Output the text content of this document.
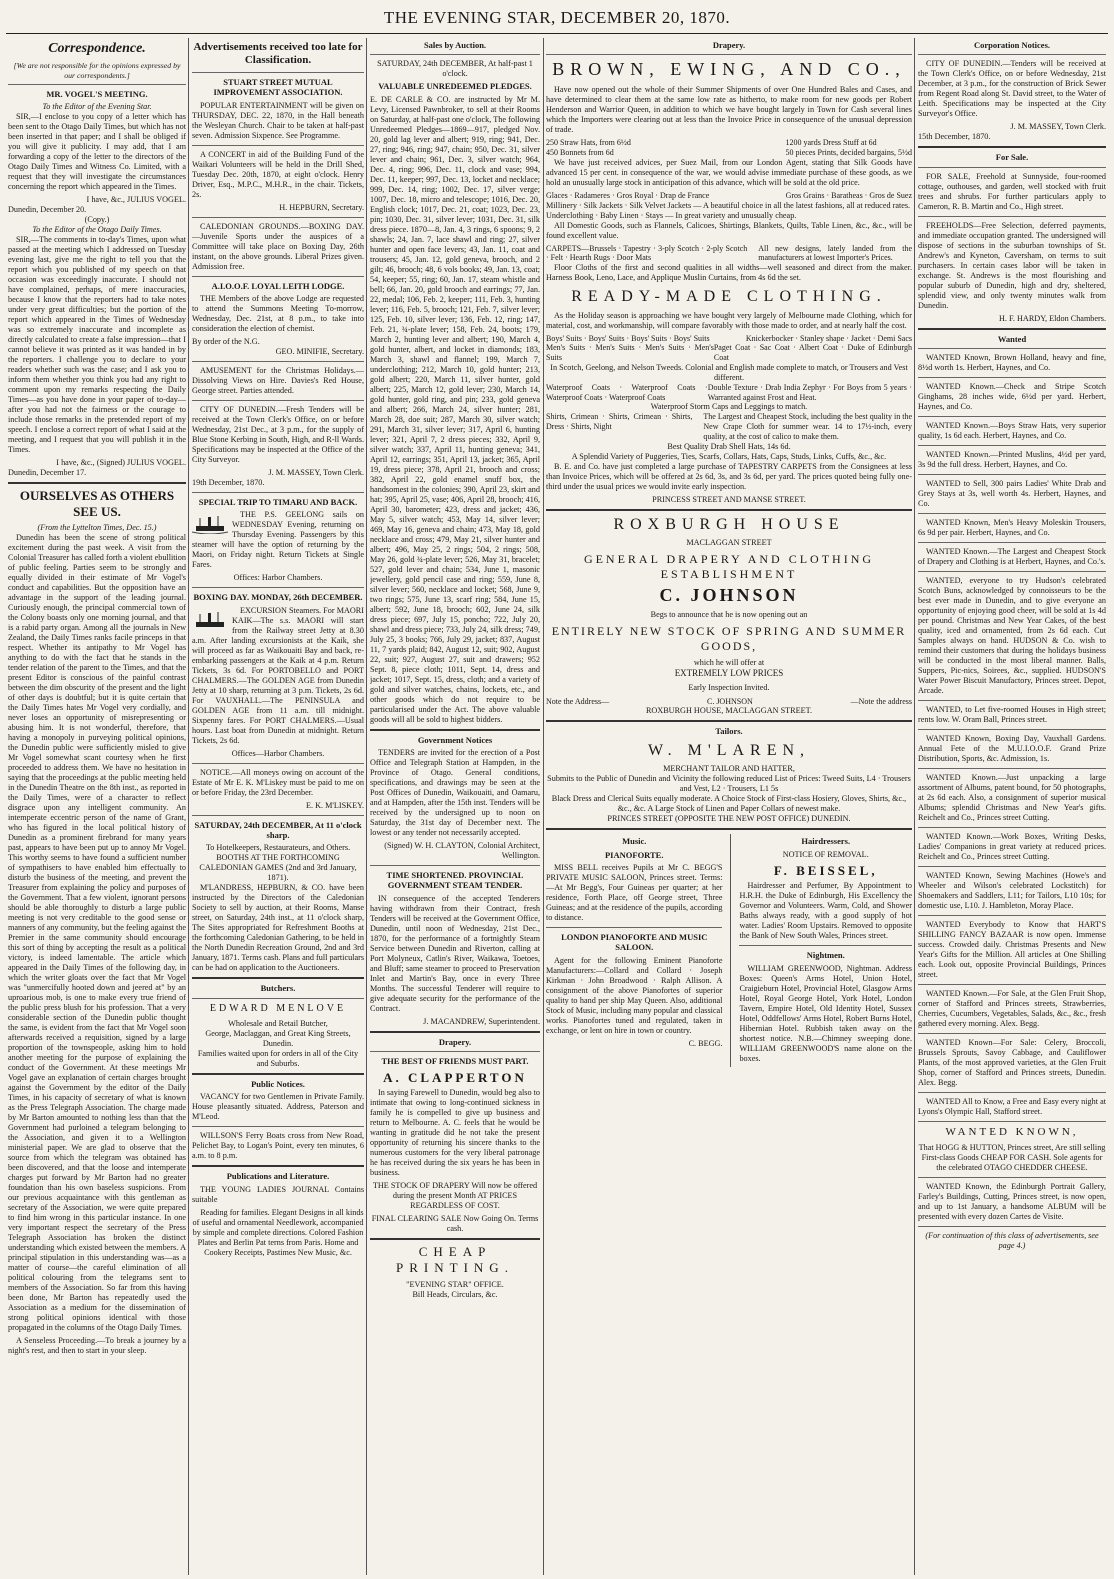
THE EVENING STAR, DECEMBER 20, 1870.
Correspondence.
[We are not responsible for the opinions expressed by our correspondents.]
MR. VOGEL'S MEETING.
To the Editor of the Evening Star.

SIR,—I enclose to you copy of a letter which has been sent to the Otago Daily Times, but which has not been inserted in that paper; and I shall be obliged if you will give it publicity. I may add, that I am forwarding a copy of the letter to the directors of the Otago Daily Times and Witness Co. Limited, with a request that they will investigate the circumstances concerning the report which appeared in the Times.

I have, &c., JULIUS VOGEL.
Dunedin, December 20.
(Copy.)
To the Editor of the Otago Daily Times.

SIR,—The comments in to-day's Times, upon what passed at the meeting which I addressed on Tuesday evening last, give me the right to tell you that the report which you published of my speech on that occasion was exceedingly inaccurate. I should not have complained, perhaps, of mere inaccuracies, because I know that the reporters had to take notes under very great difficulties; but the portion of the report which appeared in the Times of Wednesday was so extremely inaccurate and incomplete as directly calculated to create a false impression—that I cannot believe it was printed as it was handed in by the reporters. I challenge you to declare to your readers whether such was the case; and I ask you to inform them whether you think you had any right to comment upon my remarks respecting the Daily Times—as you have done in your paper of to-day—after you had not the fairness or the courage to include those remarks in the pretended report of my speech. I enclose a correct report of what I said at the meeting, and I request that you will publish it in the Times.

I have, &c., (Signed) JULIUS VOGEL.
Dunedin, December 17.
OURSELVES AS OTHERS SEE US.
(From the Lyttelton Times, Dec. 15.)

Dunedin has been the scene of strong political excitement during the past week. A visit from the Colonial Treasurer has called forth a violent ebullition of public feeling. Parties seem to be strongly and equally divided in their estimate of Mr Vogel's conduct and capabilities. But the opposition have an advantage in the support of the leading journal. Curiously enough, the principal commercial town of the Colony boasts only one morning journal, and that is a rabid party organ. Among all the journals in New Zealand, the Daily Times ranks facile princeps in that respect. Whether its antipathy to Mr Vogel has anything to do with the fact that he stands in the tender relation of the parent to the Times, and that the present Editor is conscious of the painful contrast between the dim obscurity of the present and the light of other days is doubtful; but it is quite certain that the Daily Times hates Mr Vogel very cordially, and never loses an opportunity of misrepresenting or abusing him. It is not wonderful, therefore, that having a monopoly in purveying political opinions, the Dunedin public were sufficiently misled to give Mr Vogel somewhat scant courtesy when he first proceeded to address them. We have no hesitation in saying that the proceedings at the public meeting held in the Dunedin Theatre on the 8th inst., as reported in the Daily Times, were of a character to reflect disgrace upon any intelligent community. An intemperate eccentric person of the name of Grant, who has figured in the local political history of Dunedin as a prominent firebrand for many years past, appears to have been put up to annoy Mr Vogel. This worthy seems to have found a sufficient number of sympathisers to have enabled him effectually to disturb the business of the meeting, and prevent the Treasurer from explaining the policy and purposes of the Government. That a few violent, ignorant persons should be able thoroughly to disturb a large public meeting is not very creditable to the good sense or manners of any community, but the feeling against the Premier in the same community should encourage this sort of thing by accepting the result as a political victory, is indeed lamentable. The article which appeared in the Daily Times of the following day, in which the writer gloats over the fact that Mr Vogel was "unmercifully hooted down and jeered at" by an uproarious mob, is one to make every true friend of the public press blush for his profession. That a very considerable section of the Dunedin public thought the same, is evident from the fact that Mr Vogel soon afterwards received a requisition, signed by a large proportion of the townspeople, asking him to hold another meeting for the purpose of explaining the conduct of the Government. At these meetings Mr Vogel gave an explanation of certain charges brought against the Government by the editor of the Daily Times, in his capacity of secretary of what is known as the Press Telegraph Association. The charge made by Mr Barton amounted to nothing less than that the Government had purloined a telegram belonging to the Association, and given it to a Wellington ministerial paper. We are glad to observe that the source from which the telegram was obtained has been discovered, and that the loose and intemperate charges put forward by Mr Barton had no greater foundation than his own baseless suspicions. From our previous acquaintance with this gentleman as secretary of the Association, we were quite prepared to find him wrong in this particular instance. In one very important respect the secretary of the Press Telegraph Association has broken the distinct understanding which existed between the members. A principal stipulation in this understanding was—as a matter of course—the careful elimination of all political colouring from the telegrams sent to members of the Association. So far from this having been done, Mr Barton has repeatedly used the Association as a medium for the dissemination of strong political opinions identical with those propagated in the columns of the Otago Daily Times.

A Senseless Proceeding.—To break a journey by a night's rest, and then to start in your sleep.

Advertisements received too late for Classification.
STUART STREET MUTUAL IMPROVEMENT ASSOCIATION.

POPULAR ENTERTAINMENT will be given on THURSDAY, DEC. 22, 1870, in the Hall beneath the Wesleyan Church. Chair to be taken at half-past seven. Admission Sixpence. See Programme.

A CONCERT in aid of the Building Fund of the Waikari Volunteers will be held in the Drill Shed, Tuesday Dec. 20th, 1870, at eight o'clock. Henry Driver, Esq., M.P.C., M.H.R., in the chair. Tickets, 2s.

H. HEPBURN, Secretary.

CALEDONIAN GROUNDS.—BOXING DAY.—Juvenile Sports under the auspices of a Committee will take place on Boxing Day, 26th instant, on the above grounds. Liberal Prizes given. Admission free.

A.I.O.O.F. LOYAL LEITH LODGE.

THE Members of the above Lodge are requested to attend the Summons Meeting To-morrow, Wednesday, Dec. 21st, at 8 p.m., to take into consideration the election of chemist.

By order of the N.G.
GEO. MINIFIE, Secretary.

AMUSEMENT for the Christmas Holidays.—Dissolving Views on Hire. Davies's Red House, George street. Parties attended.

CITY OF DUNEDIN.—Fresh Tenders will be received at the Town Clerk's Office, on or before Wednesday, 21st Dec., at 3 p.m., for the supply of Blue Stone Kerbing in South, High, and R-ll Wards. Specifications may be inspected at the Office of the City Surveyor.

J. M. MASSEY, Town Clerk.
19th December, 1870.
SPECIAL TRIP TO TIMARU AND BACK.

THE P.S. GEELONG sails on WEDNESDAY Evening, returning on Thursday Evening. Passengers by this steamer will have the option of returning by the Maori, on Friday night. Return Tickets at Single Fares.

Offices: Harbor Chambers.
BOXING DAY. MONDAY, 26th DECEMBER.

EXCURSION Steamers. For MAORI KAIK—The s.s. MAORI will start from the Railway street Jetty at 8.30 a.m. After landing excursionists at the Kaik, she will proceed as far as Waikouaiti Bay and back, re-embarking passengers at the Kaik at 4 p.m. Return Tickets, 3s 6d. For PORTOBELLO and PORT CHALMERS.—The GOLDEN AGE from Dunedin Jetty at 10 sharp, returning at 3 p.m. Tickets, 2s 6d. For VAUXHALL.—The PENINSULA and GOLDEN AGE from 11 a.m. till midnight. Sixpenny fares. For PORT CHALMERS.—Usual hours. Last boat from Dunedin at midnight. Return Tickets, 2s 6d.

Offices—Harbor Chambers.

NOTICE.—All moneys owing on account of the Estate of Mr E. K. M'Liskey must be paid to me on or before Friday, the 23rd December.

E. K. M'LISKEY.
SATURDAY, 24th DECEMBER, At 11 o'clock sharp.
To Hotelkeepers, Restaurateurs, and Others. BOOTHS AT THE FORTHCOMING CALEDONIAN GAMES (2nd and 3rd January, 1871).

M'LANDRESS, HEPBURN, & CO. have been instructed by the Directors of the Caledonian Society to sell by auction, at their Rooms, Manse street, on Saturday, 24th inst., at 11 o'clock sharp, The Sites appropriated for Refreshment Booths at the forthcoming Caledonian Gathering, to be held in the North Dunedin Recreation Ground, 2nd and 3rd January, 1871. Terms cash. Plans and full particulars can be had on application to the Auctioneers.

Butchers.
EDWARD MENLOVE
Wholesale and Retail Butcher,
George, Maclaggan, and Great King Streets, Dunedin.
Families waited upon for orders in all of the City and Suburbs.
Public Notices.

VACANCY for two Gentlemen in Private Family. House pleasantly situated. Address, Paterson and M'Leod.

WILLSON'S Ferry Boats cross from New Road, Pelichet Bay, to Logan's Point, every ten minutes, 6 a.m. to 8 p.m.

Publications and Literature.

THE YOUNG LADIES JOURNAL Contains suitable

Reading for families. Elegant Designs in all kinds of useful and ornamental Needlework, accompanied by simple and complete directions. Colored Fashion Plates and Berlin Pat terns from Paris. Home and Cookery Receipts, Pastimes New Music, &c.

Sales by Auction.
SATURDAY, 24th DECEMBER, At half-past 1 o'clock.
VALUABLE UNREDEEMED PLEDGES.

E. DE CARLE & CO. are instructed by Mr M. Levy, Licensed Pawnbroker, to sell at their Rooms on Saturday, at half-past one o'clock, The following Unredeemed Pledges—1869—917, pledged Nov. 20, gold lag lever and albert; 919, ring; 941, Dec. 27, ring; 946, ring; 947, chain; 950, Dec. 31, silver lever and chain; 961, Dec. 3, silver watch; 964, Dec. 4, ring; 996, Dec. 11, clock and vase; 994, Dec. 11, keeper; 997, Dec. 13, locket and necklace; 999, Dec. 14, ring; 1002, Dec. 17, silver verge; 1007, Dec. 18, micro and telescope; 1016, Dec. 20, English clock; 1017, Dec. 21, coat; 1023, Dec. 23, pin; 1030, Dec. 31, silver lever; 1031, Dec. 31, silk dress piece. 1870—8, Jan. 4, 3 rings, 6 spoons; 9, 2 shawls; 24, Jan. 7, lace shawl and ring; 27, silver hunter and open face levers; 43, Jan. 11, coat and trousers; 45, Jan. 12, gold geneva, brooch, and 2 gilt; 46, brooch; 48, 6 vols books; 49, Jan. 13, coat; 54, keeper; 55, ring; 60, Jan. 17, steam whistle and bell; 66, Jan. 20, gold brooch and earrings; 77, Jan. 22, medal; 106, Feb. 2, keeper; 111, Feb. 3, hunting lever; 116, Feb. 5, brooch; 121, Feb. 7, silver lever; 125, Feb. 10, silver lever; 136, Feb. 12, ring; 147, Feb. 21, ¾-plate lever; 158, Feb. 24, boots; 179, March 2, hunting lever and albert; 190, March 4, gold hunter, albert, and locket in diamonds; 183, March 3, shawl and flannel; 199, March 7, underclothing; 212, March 10, gold hunter; 213, gold albert; 220, March 11, silver hunter, gold albert; 225, March 12, gold lever; 230, March 14, gold hunter, gold ring, and pin; 233, gold geneva and albert; 266, March 24, silver hunter; 281, March 28, doe suit; 287, March 30, silver watch; 291, March 31, silver lever; 317, April 6, hunting lever; 321, April 7, 2 dress pieces; 332, April 9, silver watch; 337, April 11, hunting geneva; 341, April 12, earrings; 351, April 13, jacket; 365, April 19, dress piece; 378, April 21, brooch and cross; 382, April 22, gold enamel snuff box, the handsomest in the colonies; 390, April 23, skirt and hat; 395, April 25, vase; 406, April 28, brooch; 416, April 30, barometer; 423, dress and jacket; 436, May 5, silver watch; 453, May 14, silver lever; 469, May 16, geneva and chain; 473, May 18, gold necklace and cross; 479, May 21, silver hunter and albert; 496, May 25, 2 rings; 504, 2 rings; 508, May 26, gold ¾-plate lever; 526, May 31, bracelet; 527, gold lever and chain; 534, June 1, masonic jewellery, gold pencil case and ring; 559, June 8, silver lever; 560, necklace and locket; 568, June 9, two rings; 575, June 13, scarf ring; 584, June 15, albert; 592, June 18, brooch; 602, June 24, silk dress piece; 697, July 15, poncho; 722, July 20, shawl and dress piece; 733, July 24, silk dress; 749, July 25, 3 books; 766, July 29, jacket; 837, August 11, 7 yards plaid; 842, August 12, suit; 902, August 22, suit; 927, August 27, suit and drawers; 952 Sept. 8, piece cloth; 1011, Sept. 14, dress and jacket; 1017, Sept. 15, dress, cloth; and a variety of gold and silver watches, chains, lockets, etc., and other goods which do not require to be particularised under the Act. The above valuable goods will all be sold to highest bidders.

Government Notices

TENDERS are invited for the erection of a Post Office and Telegraph Station at Hampden, in the Province of Otago. General conditions, specifications, and drawings may be seen at the Post Offices of Dunedin, Waikouaiti, and Oamaru, and at Hampden, after the 15th inst. Tenders will be received by the undersigned up to noon on Saturday, the 31st day of December next. The lowest or any tender not necessarily accepted.

(Signed) W. H. CLAYTON, Colonial Architect, Wellington.
TIME SHORTENED. PROVINCIAL GOVERNMENT STEAM TENDER.

IN consequence of the accepted Tenderers having withdrawn from their Contract, fresh Tenders will be received at the Government Office, Dunedin, until noon of Wednesday, 21st Dec., 1870, for the performance of a fortnightly Steam Service between Dunedin and Riverton, calling at Port Molyneux, Catlin's River, Waikawa, Toetoes, and Bluff; same steamer to proceed to Preservation Inlet and Martin's Bay, once in every Three Months. The successful Tenderer will require to give adequate security for the performance of the Contract.

J. MACANDREW, Superintendent.
Drapery.
THE BEST OF FRIENDS MUST PART.
A. CLAPPERTON

In saying Farewell to Dunedin, would beg also to intimate that owing to long-continued sickness in family he is compelled to give up business and return to Melbourne. A. C. feels that he would be wanting in gratitude did he not take the present opportunity of returning his sincere thanks to the numerous customers for the very liberal patronage he has received during the six years he has been in business.

THE STOCK OF DRAPERY Will now be offered during the present Month AT PRICES REGARDLESS OF COST.
FINAL CLEARING SALE Now Going On. Terms cash.
CHEAP PRINTING.
"EVENING STAR" OFFICE.
Bill Heads, Circulars, &c.
Drapery.
BROWN, EWING, AND CO.,

Have now opened out the whole of their Summer Shipments of over One Hundred Bales and Cases, and have determined to clear them at the same low rate as hitherto, to make room for new goods per Robert Henderson and Warrior Queen, in addition to which we have bought largely in Town for Cash several lines which the Importers were clearing out at less than the Invoice Price in consequence of the unusual depression of trade.

250 Straw Hats, from 6½d
450 Bonnets from 6d
1200 yards Dress Stuff at 6d
50 pieces Prints, decided bargains, 5½d

We have just received advices, per Suez Mail, from our London Agent, stating that Silk Goods have advanced 15 per cent. in consequence of the war, we would advise immediate purchase of these goods, as we hold an unusually large stock in anticipation of this advance, which will be sold at the old price.

Glaces · Radameres · Gros Royal · Drap de France	Gros Grains · Baratheas · Gros de Suez
Millinery · Silk Jackets · Silk Velvet Jackets — A beautiful choice in all the latest fashions, all at reduced rates.
Underclothing · Baby Linen · Stays — In great variety and unusually cheap.

All Domestic Goods, such as Flannels, Calicoes, Shirtings, Blankets, Quilts, Table Linen, &c., &c., will be found excellent value.

CARPETS—Brussels · Tapestry · 3-ply Scotch · 2-ply Scotch · Felt · Hearth Rugs · Door Mats
All new designs, lately landed from the manufacturers at lowest Importer's Prices.

Floor Cloths of the first and second qualities in all widths—well seasoned and direct from the maker. Harness Book, Leno, Lace, and Applique Muslin Curtains, from 4s 6d the set.

READY-MADE CLOTHING.

As the Holiday season is approaching we have bought very largely of Melbourne made Clothing, which for material, cost, and workmanship, will compare favorably with those made to order, and at nearly half the cost.

Boys' Suits · Boys' Suits · Boys' Suits · Boys' Suits	Knickerbocker · Stanley shape · Jacket · Demi Sacs
Men's Suits · Men's Suits · Men's Suits · Men's Suits
Paget Coat · Sac Coat · Albert Coat · Duke of Edinburgh Coat
In Scotch, Geelong, and Nelson Tweeds. Colonial and English made complete to match, or Trousers and Vest different.
Waterproof Coats · Waterproof Coats · Waterproof Coats · Waterproof Coats
Double Texture · Drab India Zephyr · For Boys from 5 years · Warranted against Frost and Heat.
Waterproof Storm Caps and Leggings to match.
Shirts, Crimean · Shirts, Crimean · Shirts, Dress · Shirts, Night
The Largest and Cheapest Stock, including the best quality in the New Crape Cloth for summer wear. 14 to 17½-inch, every quality, at the cost of calico to make them.
Best Quality Drab Shell Hats, 14s 6d.
A Splendid Variety of Puggeries, Ties, Scarfs, Collars, Hats, Caps, Studs, Links, Cuffs, &c., &c.

B. E. and Co. have just completed a large purchase of TAPESTRY CARPETS from the Consignees at less than Invoice Prices, which will be offered at 2s 6d, 3s, and 3s 6d, per yard. The prices quoted being fully one-third under the usual prices we would invite early inspection.

PRINCESS STREET AND MANSE STREET.
ROXBURGH HOUSE
MACLAGGAN STREET
GENERAL DRAPERY AND CLOTHING ESTABLISHMENT
C. JOHNSON
Begs to announce that he is now opening out an
ENTIRELY NEW STOCK OF SPRING AND SUMMER GOODS,
which he will offer at
EXTREMELY LOW PRICES
Early Inspection Invited.
Note the Address—	C. JOHNSON	—Note the address
ROXBURGH HOUSE, MACLAGGAN STREET.
Tailors.
W. M'LAREN,
MERCHANT TAILOR AND HATTER,
Submits to the Public of Dunedin and Vicinity the following reduced List of Prices: Tweed Suits, L4 · Trousers and Vest, L2 · Trousers, L1 5s
Black Dress and Clerical Suits equally moderate. A Choice Stock of First-class Hosiery, Gloves, Shirts, &c., &c., &c. A Large Stock of Linen and Paper Collars of newest make.
PRINCES STREET (OPPOSITE THE NEW POST OFFICE) DUNEDIN.
Music.
PIANOFORTE.

MISS BELL receives Pupils at Mr C. BEGG'S PRIVATE MUSIC SALOON, Princes street. Terms:—At Mr Begg's, Four Guineas per quarter; at her residence, Forth Place, off George street, Three Guineas; and at the residence of the pupils, according to distance.

LONDON PIANOFORTE AND MUSIC SALOON.

Agent for the following Eminent Pianoforte Manufacturers:—Collard and Collard · Joseph Kirkman · John Broadwood · Ralph Allison. A consignment of the above Pianofortes of superior quality to hand per ship May Queen. Also, additional Stock of Music, including many popular and classical works. Pianofortes tuned and regulated, taken in exchange, or lent on hire in town or country.

C. BEGG.
Hairdressers.
NOTICE OF REMOVAL.
F. BEISSEL,

Hairdresser and Perfumer, By Appointment to H.R.H. the Duke of Edinburgh, His Excellency the Governor and Volunteers. Warm, Cold, and Shower Baths always ready, with a good supply of hot water. Ladies' Room Upstairs. Removed to opposite the Bank of New South Wales, Princes street.

Nightmen.

WILLIAM GREENWOOD, Nightman. Address Boxes: Queen's Arms Hotel, Union Hotel, Craigieburn Hotel, Provincial Hotel, Glasgow Arms Hotel, Royal George Hotel, York Hotel, London Tavern, Empire Hotel, Old Identity Hotel, Sussex Hotel, Oddfellows' Arms Hotel, Robert Burns Hotel, Hibernian Hotel. Rubbish taken away on the shortest notice. N.B.—Chimney sweeping done. WILLIAM GREENWOOD'S name alone on the boxes.

Corporation Notices.

CITY OF DUNEDIN.—Tenders will be received at the Town Clerk's Office, on or before Wednesday, 21st December, at 3 p.m., for the construction of Brick Sewer from Regent Road along St. David street, to the Water of Leith. Specifications may be inspected at the City Surveyor's Office.

J. M. MASSEY, Town Clerk.
15th December, 1870.
For Sale.

FOR SALE, Freehold at Sunnyside, four-roomed cottage, outhouses, and garden, well stocked with fruit trees and shrubs. For further particulars apply to Cameron, R. B. Martin and Co., High street.

FREEHOLDS—Free Selection, deferred payments, and immediate occupation granted. The undersigned will dispose of sections in the suburban townships of St. Andrew's and Kyneton, Caversham, on terms to suit purchasers. In certain cases labor will be taken in exchange. St. Andrews is the most flourishing and popular suburb of Dunedin, high and dry, sheltered, splendid view, and only twenty minutes walk from Dunedin.

H. F. HARDY, Eldon Chambers.
Wanted

WANTED Known, Brown Holland, heavy and fine, 8½d worth 1s. Herbert, Haynes, and Co.

WANTED Known.—Check and Stripe Scotch Ginghams, 28 inches wide, 6½d per yard. Herbert, Haynes, and Co.

WANTED Known.—Boys Straw Hats, very superior quality, 1s 6d each. Herbert, Haynes, and Co.

WANTED Known.—Printed Muslins, 4½d per yard, 3s 9d the full dress. Herbert, Haynes, and Co.

WANTED to Sell, 300 pairs Ladies' White Drab and Grey Stays at 3s, well worth 4s. Herbert, Haynes, and Co.

WANTED Known, Men's Heavy Moleskin Trousers, 6s 9d per pair. Herbert, Haynes, and Co.

WANTED Known.—The Largest and Cheapest Stock of Drapery and Clothing is at Herbert, Haynes, and Co.'s.

WANTED, everyone to try Hudson's celebrated Scotch Buns, acknowledged by connoisseurs to be the best ever made in Dunedin, and to give everyone an opportunity of enjoying good cheer, will be sold at 1s 4d per pound. Christmas and New Year Cakes, of the best quality, iced and ornamented, from 2s 6d each. Cut Samples always on hand. HUDSON & Co. wish to remind their customers that during the holidays business will be conducted in the most liberal manner. Balls, Suppers, Pic-nics, Soirees, &c., supplied. HUDSON'S Water Power Biscuit Manufactory, Princes street. Depot, Arcade.

WANTED, to Let five-roomed Houses in High street; rents low. W. Oram Ball, Princes street.

WANTED Known, Boxing Day, Vauxhall Gardens. Annual Fete of the M.U.I.O.O.F. Grand Prize Distribution, Sports, &c. Admission, 1s.

WANTED Known.—Just unpacking a large assortment of Albums, patent bound, for 50 photographs, at 2s 6d each. Also, a consignment of superior musical Albums; splendid Christmas and New Year's gifts. Reichelt and Co., Princes street Cutting.

WANTED Known.—Work Boxes, Writing Desks, Ladies' Companions in great variety at reduced prices. Reichelt and Co., Princes street Cutting.

WANTED Known, Sewing Machines (Howe's and Wheeler and Wilson's celebrated Lockstitch) for Shoemakers and Saddlers, L11; for Tailors, L10 10s; for domestic use, L10. J. Hambleton, Moray Place.

WANTED Everybody to Know that HART'S SHILLING FANCY BAZAAR is now open. Immense success. Crowded daily. Christmas Presents and New Year's Gifts for the Million. All articles at One Shilling each. Look out, opposite Provincial Buildings, Princes street.

WANTED Known.—For Sale, at the Glen Fruit Shop, corner of Stafford and Princes streets, Strawberries, Cherries, Cucumbers, Vegetables, Salads, &c., &c., fresh gathered every morning. Alex. Begg.

WANTED Known—For Sale: Celery, Broccoli, Brussels Sprouts, Savoy Cabbage, and Cauliflower Plants, of the most approved varieties, at the Glen Fruit Shop, corner of Stafford and Princes streets, Dunedin. Alex. Begg.

WANTED All to Know, a Free and Easy every night at Lyons's Olympic Hall, Stafford street.

WANTED KNOWN,
That HOGG & HUTTON, Princes street, Are still selling First-class Goods CHEAP FOR CASH. Sole agents for the celebrated OTAGO CHEDDER CHEESE.

WANTED Known, the Edinburgh Portrait Gallery, Farley's Buildings, Cutting, Princes street, is now open, and up to 1st January, a handsome ALBUM will be presented with every dozen Cartes de Visite.

(For continuation of this class of advertisements, see page 4.)
